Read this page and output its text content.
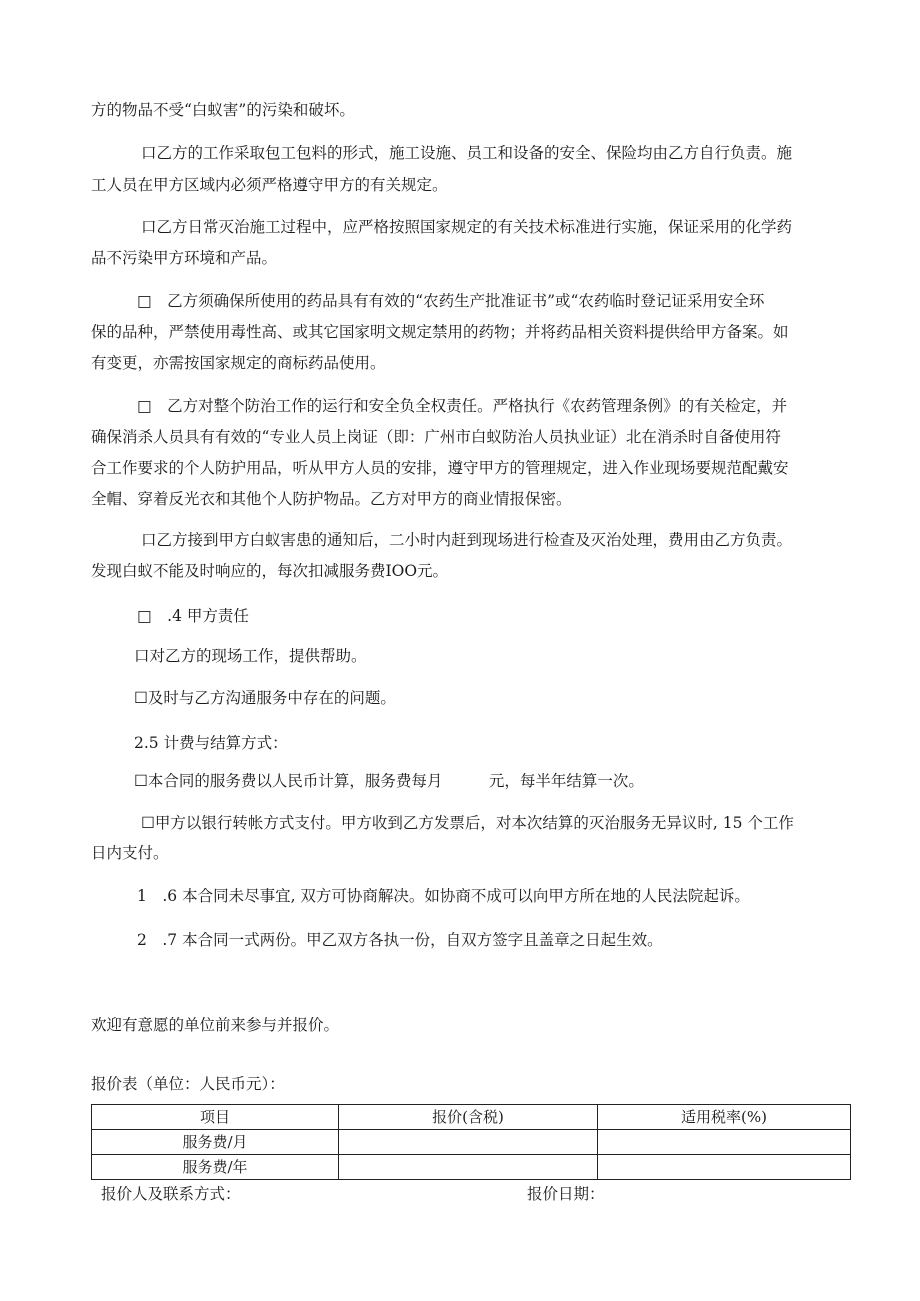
方的物品不受“白蚁害”的污染和破坏。
口乙方的工作采取包工包料的形式，施工设施、员工和设备的安全、保险均由乙方自行负责。施
工人员在甲方区域内必须严格遵守甲方的有关规定。
口乙方日常灭治施工过程中，应严格按照国家规定的有关技术标准进行实施，保证采用的化学药
品不污染甲方环境和产品。
□　乙方须确保所使用的药品具有有效的“农药生产批准证书”或“农药临时登记证采用安全环
保的品种，严禁使用毒性高、或其它国家明文规定禁用的药物；并将药品相关资料提供给甲方备案。如
有变更，亦需按国家规定的商标药品使用。
□　乙方对整个防治工作的运行和安全负全权责任。严格执行《农药管理条例》的有关检定，并
确保消杀人员具有有效的“专业人员上岗证（即：广州市白蚁防治人员执业证）北在消杀时自备使用符
合工作要求的个人防护用品，听从甲方人员的安排，遵守甲方的管理规定，进入作业现场要规范配戴安
全帽、穿着反光衣和其他个人防护物品。乙方对甲方的商业情报保密。
口乙方接到甲方白蚁害患的通知后，二小时内赶到现场进行检查及灭治处理，费用由乙方负责。
发现白蚁不能及时响应的，每次扣减服务费IOO元。
□　.4 甲方责任
口对乙方的现场工作，提供帮助。
☐及时与乙方沟通服务中存在的问题。
2.5 计费与结算方式：
☐本合同的服务费以人民币计算，服务费每月　　　元，每半年结算一次。
☐甲方以银行转帐方式支付。甲方收到乙方发票后，对本次结算的灭治服务无异议时, 15 个工作
日内支付。
1　.6 本合同未尽事宜, 双方可协商解决。如协商不成可以向甲方所在地的人民法院起诉。
2　.7 本合同一式两份。甲乙双方各执一份，自双方签字且盖章之日起生效。
欢迎有意愿的单位前来参与并报价。
报价表（单位：人民币元）：
项目	报价(含税)	适用税率(%)
服务费/月		
服务费/年		
报价人及联系方式：	报价日期：
